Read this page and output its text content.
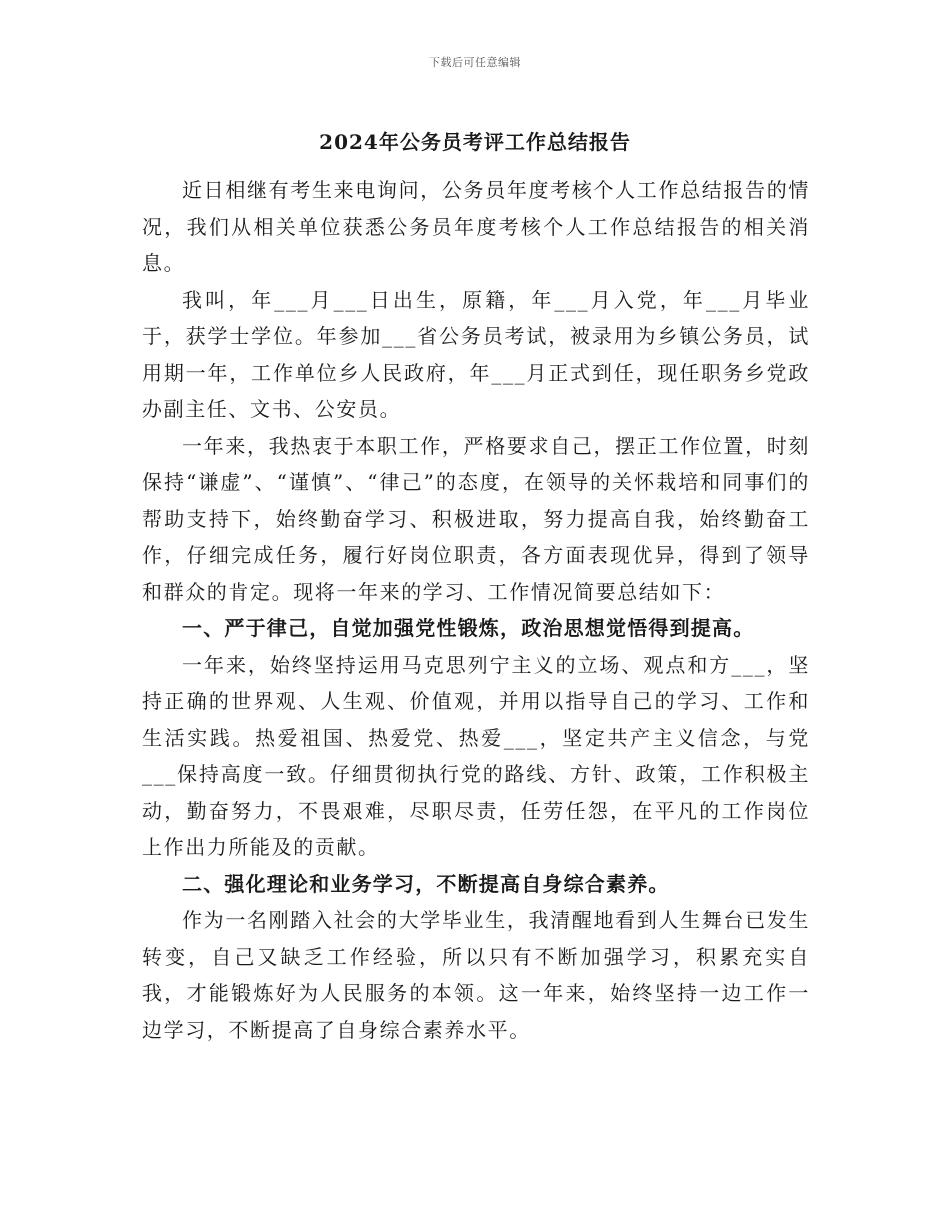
下载后可任意编辑
2024年公务员考评工作总结报告

近日相继有考生来电询问，公务员年度考核个人工作总结报告的情况，我们从相关单位获悉公务员年度考核个人工作总结报告的相关消息。

我叫，年___月___日出生，原籍，年___月入党，年___月毕业于，获学士学位。年参加___省公务员考试，被录用为乡镇公务员，试用期一年，工作单位乡人民政府，年___月正式到任，现任职务乡党政办副主任、文书、公安员。

一年来，我热衷于本职工作，严格要求自己，摆正工作位置，时刻保持“谦虚”、“谨慎”、“律己”的态度，在领导的关怀栽培和同事们的帮助支持下，始终勤奋学习、积极进取，努力提高自我，始终勤奋工作，仔细完成任务，履行好岗位职责，各方面表现优异，得到了领导和群众的肯定。现将一年来的学习、工作情况简要总结如下：

一、严于律己，自觉加强党性锻炼，政治思想觉悟得到提高。

一年来，始终坚持运用马克思列宁主义的立场、观点和方___，坚持正确的世界观、人生观、价值观，并用以指导自己的学习、工作和生活实践。热爱祖国、热爱党、热爱___，坚定共产主义信念，与党___保持高度一致。仔细贯彻执行党的路线、方针、政策，工作积极主动，勤奋努力，不畏艰难，尽职尽责，任劳任怨，在平凡的工作岗位上作出力所能及的贡献。

二、强化理论和业务学习，不断提高自身综合素养。

作为一名刚踏入社会的大学毕业生，我清醒地看到人生舞台已发生转变，自己又缺乏工作经验，所以只有不断加强学习，积累充实自我，才能锻炼好为人民服务的本领。这一年来，始终坚持一边工作一边学习，不断提高了自身综合素养水平。
